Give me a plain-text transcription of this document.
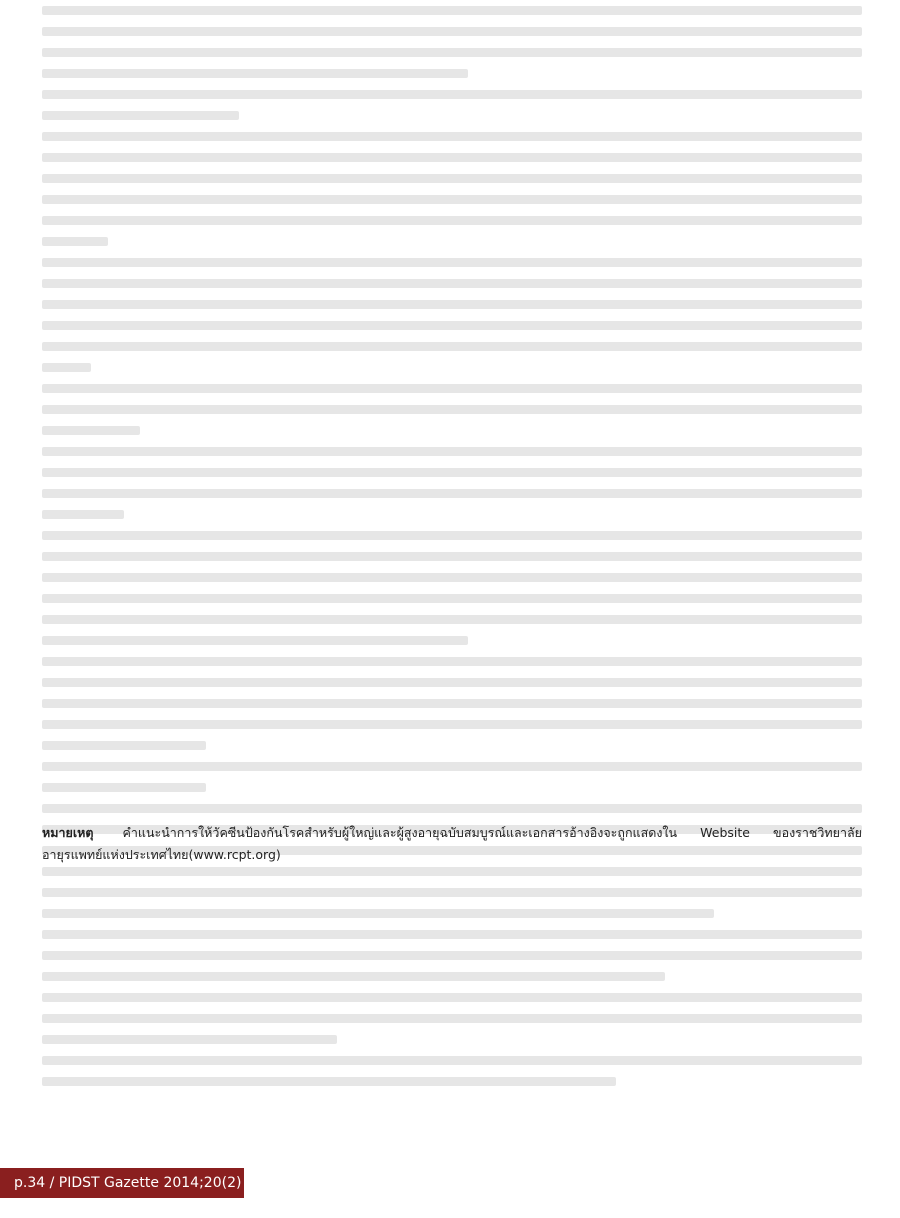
หมายเหตุ คำแนะนำการให้วัคซีนป้องกันโรคสำหรับผู้ใหญ่และผู้สูงอายุฉบับสมบูรณ์และเอกสารอ้างอิงจะถูกแสดงใน Website ของราชวิทยาลัยอายุรแพทย์แห่งประเทศไทย(www.rcpt.org)
p.34 / PIDST Gazette 2014;20(2)
